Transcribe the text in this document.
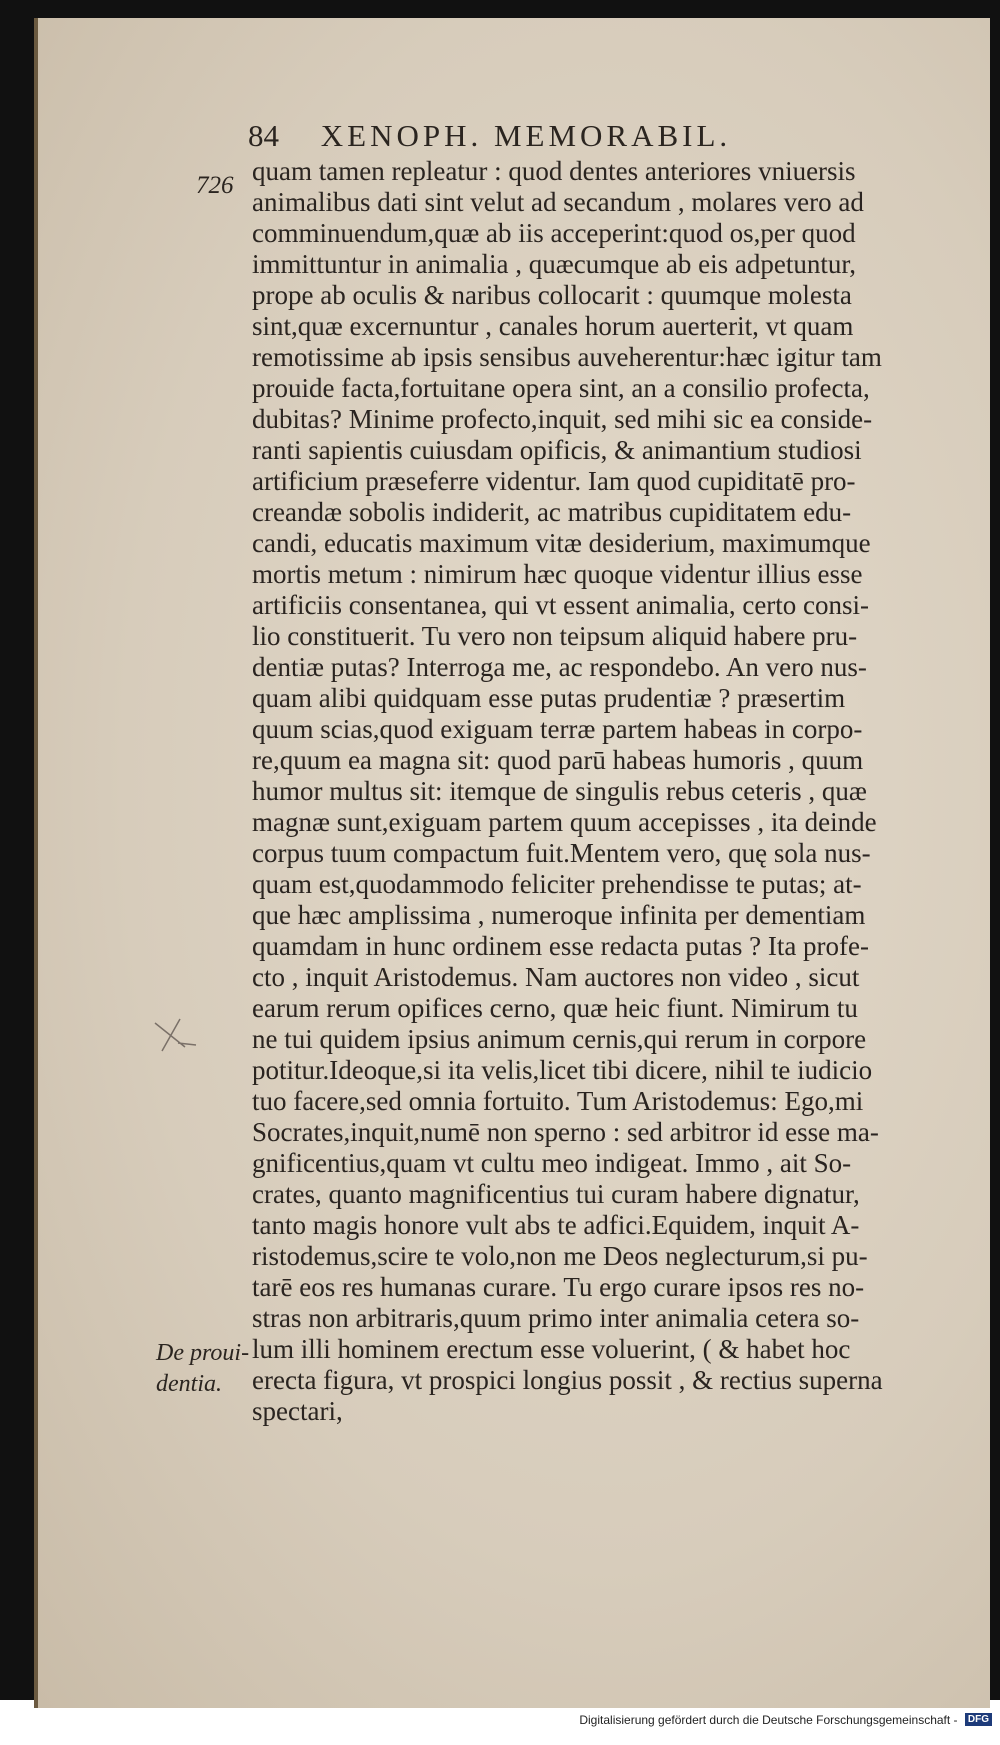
84 XENOPH. MEMORABIL.
726 quam tamen repleatur : quod dentes anteriores vniuersis
animalibus dati sint velut ad secandum , molares vero ad
comminuendum,quæ ab iis acceperint:quod os,per quod
immittuntur in animalia , quæcumque ab eis adpetuntur,
prope ab oculis & naribus collocarit : quumque molesta
sint,quæ excernuntur , canales horum auerterit, vt quam
remotissime ab ipsis sensibus auveherentur:hæc igitur tam
prouide facta,fortuitane opera sint, an a consilio profecta,
dubitas? Minime profecto,inquit, sed mihi sic ea conside-
ranti sapientis cuiusdam opificis, & animantium studiosi
artificium præseferre videntur. Iam quod cupiditatē pro-
creandæ sobolis indiderit, ac matribus cupiditatem edu-
candi, educatis maximum vitæ desiderium, maximumque
mortis metum : nimirum hæc quoque videntur illius esse
artificiis consentanea, qui vt essent animalia, certo consi-
lio constituerit. Tu vero non teipsum aliquid habere pru-
dentiæ putas? Interroga me, ac respondebo. An vero nus-
quam alibi quidquam esse putas prudentiæ ? præsertim
quum scias,quod exiguam terræ partem habeas in corpo-
re,quum ea magna sit: quod parū habeas humoris , quum
humor multus sit: itemque de singulis rebus ceteris , quæ
magnæ sunt,exiguam partem quum accepisses , ita deinde
corpus tuum compactum fuit.Mentem vero, quę sola nus-
quam est,quodammodo feliciter prehendisse te putas; at-
que hæc amplissima , numeroque infinita per dementiam
quamdam in hunc ordinem esse redacta putas ? Ita profe-
cto , inquit Aristodemus. Nam auctores non video , sicut
earum rerum opifices cerno, quæ heic fiunt. Nimirum tu
ne tui quidem ipsius animum cernis,qui rerum in corpore
potitur.Ideoque,si ita velis,licet tibi dicere, nihil te iudicio
tuo facere,sed omnia fortuito. Tum Aristodemus: Ego,mi
Socrates,inquit,numē non sperno : sed arbitror id esse ma-
gnificentius,quam vt cultu meo indigeat. Immo , ait So-
crates, quanto magnificentius tui curam habere dignatur,
tanto magis honore vult abs te adfici.Equidem, inquit A-
ristodemus,scire te volo,non me Deos neglecturum,si pu-
tarē eos res humanas curare. Tu ergo curare ipsos res no-
stras non arbitraris,quum primo inter animalia cetera so-
lum illi hominem erectum esse voluerint, ( & habet hoc
erecta figura, vt prospici longius possit , & rectius superna
spectari,
De proui-
dentia.
Digitalisierung gefördert durch die Deutsche Forschungsgemeinschaft - DFG
